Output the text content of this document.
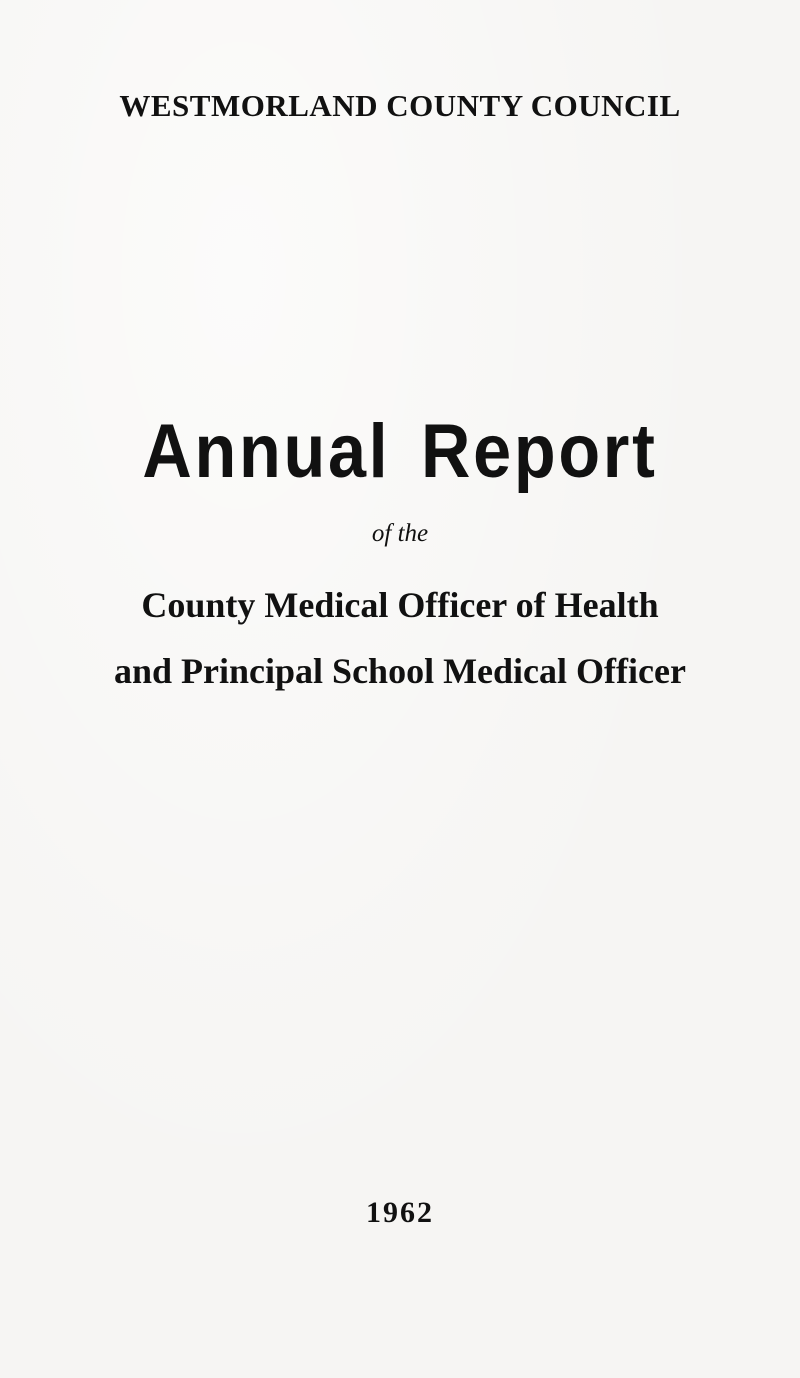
WESTMORLAND COUNTY COUNCIL
Annual Report
of the
County Medical Officer of Health
and Principal School Medical Officer
1962
